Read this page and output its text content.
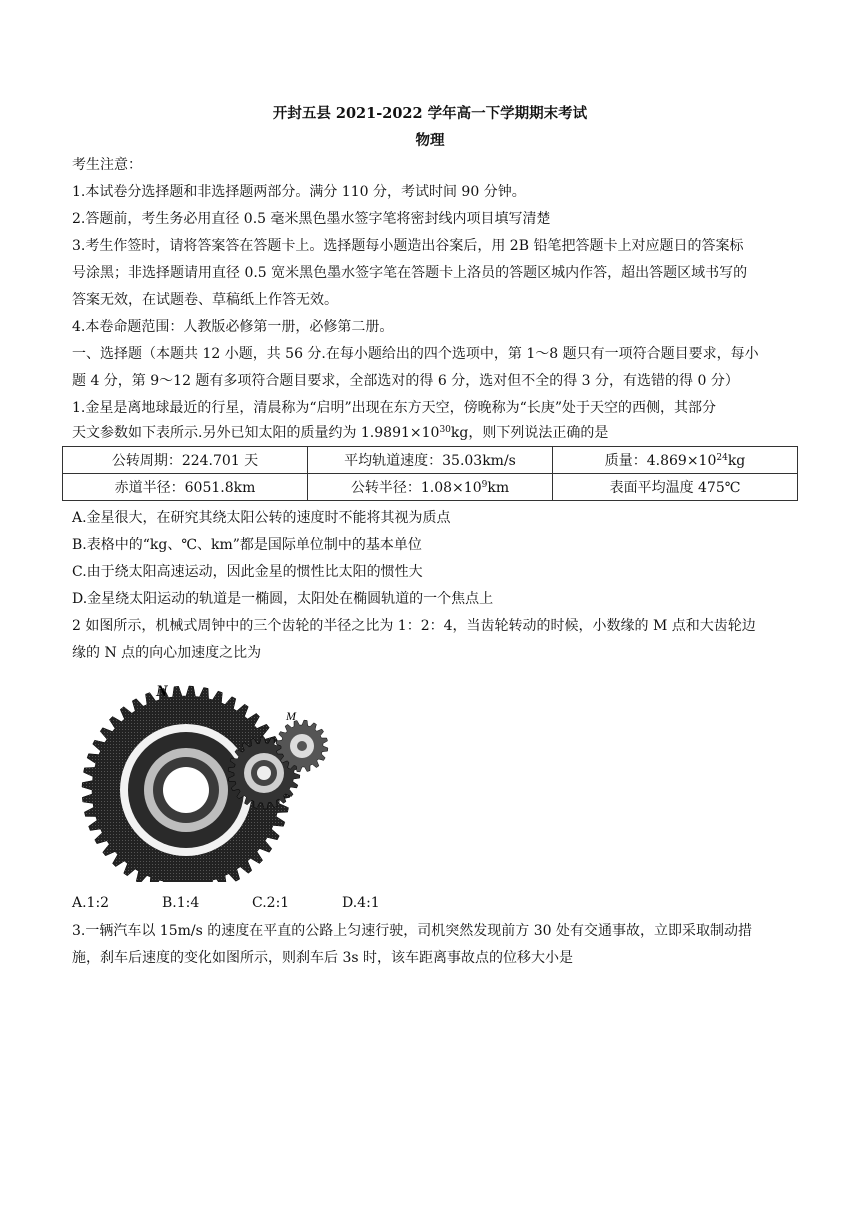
开封五县 2021-2022 学年高一下学期期末考试
物理
考生注意：
1.本试卷分选择题和非选择题两部分。满分 110 分，考试时间 90 分钟。
2.答题前，考生务必用直径 0.5 毫米黑色墨水签字笔将密封线内项目填写清楚
3.考生作签时，请将答案答在答题卡上。选择题每小题造出谷案后，用 2B 铅笔把答题卡上对应题日的答案标
号涂黑；非选择题请用直径 0.5 宽米黑色墨水签字笔在答题卡上洛员的答题区城内作答，超出答题区域书写的
答案无效，在试题卷、草稿纸上作答无效。
4.本卷命题范围：人教版必修第一册，必修第二册。
一、选择题（本题共 12 小题，共 56 分.在每小题给出的四个选项中，第 1～8 题只有一项符合题目要求，每小
题 4 分，第 9～12 题有多项符合题目要求，全部选对的得 6 分，选对但不全的得 3 分，有选错的得 0 分）
1.金星是离地球最近的行星，清晨称为“启明”出现在东方天空，傍晚称为“长庚”处于天空的西侧，其部分
天文参数如下表所示.另外已知太阳的质量约为 $1.9891\times 10^{30}kg$，则下列说法正确的是
公转周期：224.701 天	平均轨道速度：35.03km/s	质量：$4.869\times 10^{24}kg$
赤道半径：6051.8km	公转半径：$1.08\times 10^9km$	表面平均温度 475℃
A.金星很大，在研究其绕太阳公转的速度时不能将其视为质点
B.表格中的“kg、℃、km”都是国际单位制中的基本单位
C.由于绕太阳高速运动，因此金星的惯性比太阳的惯性大
D.金星绕太阳运动的轨道是一椭圆，太阳处在椭圆轨道的一个焦点上
2 如图所示，机械式周钟中的三个齿轮的半径之比为 1：2：4，当齿轮转动的时候，小数缘的 M 点和大齿轮边
缘的 N 点的向心加速度之比为
N
M
A.1:2	B.1:4	C.2:1	D.4:1
3.一辆汽车以 15m/s 的速度在平直的公路上匀速行驶，司机突然发现前方 30 处有交通事故，立即采取制动措
施，刹车后速度的变化如图所示，则刹车后 3s 时，该车距离事故点的位移大小是
